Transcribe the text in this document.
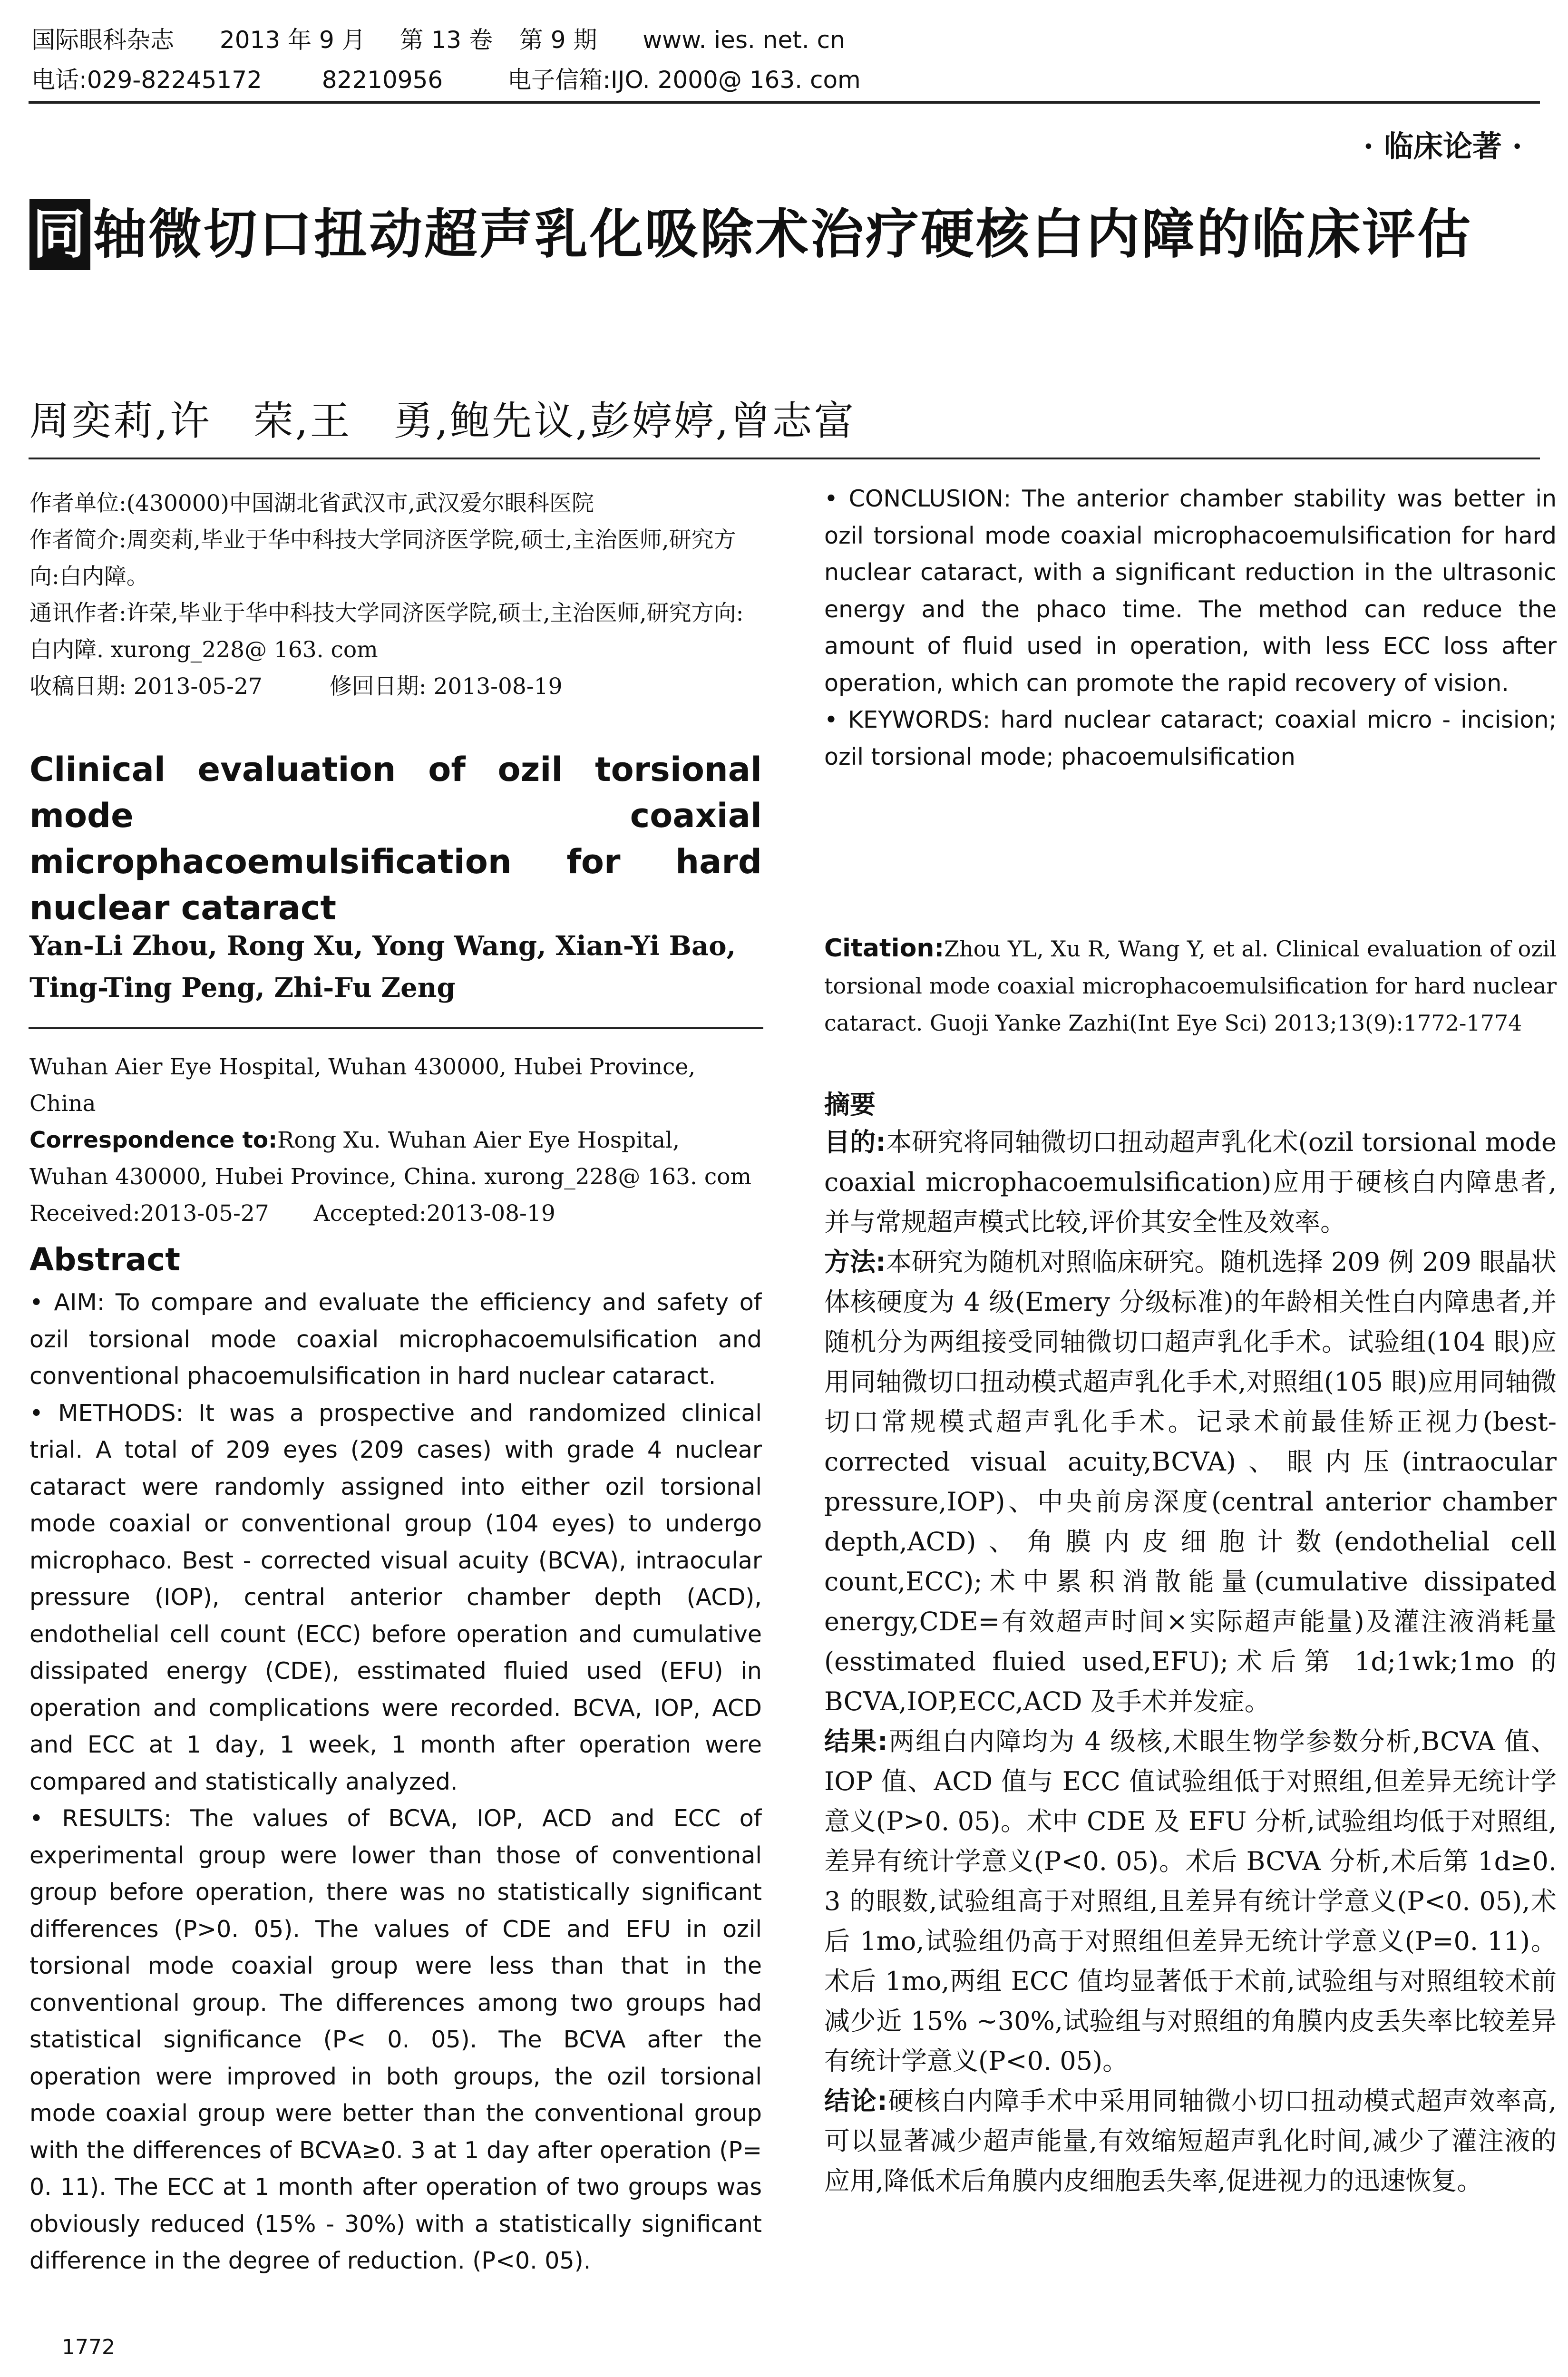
国际眼科杂志 2013 年 9 月 第 13 卷 第 9 期 www. ies. net. cn
电话:029-82245172	82210956	电子信箱:IJO. 2000@ 163. com
· 临床论著 ·
同 轴微切口扭动超声乳化吸除术治疗硬核白内障的临床评估
周奕莉,许　荣,王　勇,鲍先议,彭婷婷,曾志富

作者单位:(430000)中国湖北省武汉市,武汉爱尔眼科医院

作者简介:周奕莉,毕业于华中科技大学同济医学院,硕士,主治医师,研究方向:白内障。

通讯作者:许荣,毕业于华中科技大学同济医学院,硕士,主治医师,研究方向:白内障. xurong_228@ 163. com

收稿日期: 2013-05-27　　　修回日期: 2013-08-19

Clinical evaluation of ozil torsional mode coaxial microphacoemulsification for hard nuclear cataract
Yan-Li Zhou, Rong Xu, Yong Wang, Xian-Yi Bao, Ting-Ting Peng, Zhi-Fu Zeng

Wuhan Aier Eye Hospital, Wuhan 430000, Hubei Province, China

Correspondence to:Rong Xu. Wuhan Aier Eye Hospital, Wuhan 430000, Hubei Province, China. xurong_228@ 163. com

Received:2013-05-27　　Accepted:2013-08-19

Abstract

• AIM: To compare and evaluate the efficiency and safety of ozil torsional mode coaxial microphacoemulsification and conventional phacoemulsification in hard nuclear cataract.

• METHODS: It was a prospective and randomized clinical trial. A total of 209 eyes (209 cases) with grade 4 nuclear cataract were randomly assigned into either ozil torsional mode coaxial or conventional group (104 eyes) to undergo microphaco. Best - corrected visual acuity (BCVA), intraocular pressure (IOP), central anterior chamber depth (ACD), endothelial cell count (ECC) before operation and cumulative dissipated energy (CDE), esstimated fluied used (EFU) in operation and complications were recorded. BCVA, IOP, ACD and ECC at 1 day, 1 week, 1 month after operation were compared and statistically analyzed.

• RESULTS: The values of BCVA, IOP, ACD and ECC of experimental group were lower than those of conventional group before operation, there was no statistically significant differences (P>0. 05). The values of CDE and EFU in ozil torsional mode coaxial group were less than that in the conventional group. The differences among two groups had statistical significance (P< 0. 05). The BCVA after the operation were improved in both groups, the ozil torsional mode coaxial group were better than the conventional group with the differences of BCVA≥0. 3 at 1 day after operation (P= 0. 11). The ECC at 1 month after operation of two groups was obviously reduced (15% - 30%) with a statistically significant difference in the degree of reduction. (P<0. 05).

• CONCLUSION: The anterior chamber stability was better in ozil torsional mode coaxial microphacoemulsification for hard nuclear cataract, with a significant reduction in the ultrasonic energy and the phaco time. The method can reduce the amount of fluid used in operation, with less ECC loss after operation, which can promote the rapid recovery of vision.

• KEYWORDS: hard nuclear cataract; coaxial micro - incision; ozil torsional mode; phacoemulsification

Citation:Zhou YL, Xu R, Wang Y, et al. Clinical evaluation of ozil torsional mode coaxial microphacoemulsification for hard nuclear cataract. Guoji Yanke Zazhi(Int Eye Sci) 2013;13(9):1772-1774
摘要

目的:本研究将同轴微切口扭动超声乳化术(ozil torsional mode coaxial microphacoemulsification)应用于硬核白内障患者,并与常规超声模式比较,评价其安全性及效率。

方法:本研究为随机对照临床研究。随机选择 209 例 209 眼晶状体核硬度为 4 级(Emery 分级标准)的年龄相关性白内障患者,并随机分为两组接受同轴微切口超声乳化手术。试验组(104 眼)应用同轴微切口扭动模式超声乳化手术,对照组(105 眼)应用同轴微切口常规模式超声乳化手术。记录术前最佳矫正视力(best-corrected visual acuity,BCVA)、眼内压(intraocular pressure,IOP)、中央前房深度(central anterior chamber depth,ACD)、角膜内皮细胞计数(endothelial cell count,ECC);术中累积消散能量(cumulative dissipated energy,CDE=有效超声时间×实际超声能量)及灌注液消耗量(esstimated fluied used,EFU);术后第 1d;1wk;1mo 的 BCVA,IOP,ECC,ACD 及手术并发症。

结果:两组白内障均为 4 级核,术眼生物学参数分析,BCVA 值、IOP 值、ACD 值与 ECC 值试验组低于对照组,但差异无统计学意义(P>0. 05)。术中 CDE 及 EFU 分析,试验组均低于对照组,差异有统计学意义(P<0. 05)。术后 BCVA 分析,术后第 1d≥0. 3 的眼数,试验组高于对照组,且差异有统计学意义(P<0. 05),术后 1mo,试验组仍高于对照组但差异无统计学意义(P=0. 11)。术后 1mo,两组 ECC 值均显著低于术前,试验组与对照组较术前减少近 15% ~30%,试验组与对照组的角膜内皮丢失率比较差异有统计学意义(P<0. 05)。

结论:硬核白内障手术中采用同轴微小切口扭动模式超声效率高,可以显著减少超声能量,有效缩短超声乳化时间,减少了灌注液的应用,降低术后角膜内皮细胞丢失率,促进视力的迅速恢复。

1772
